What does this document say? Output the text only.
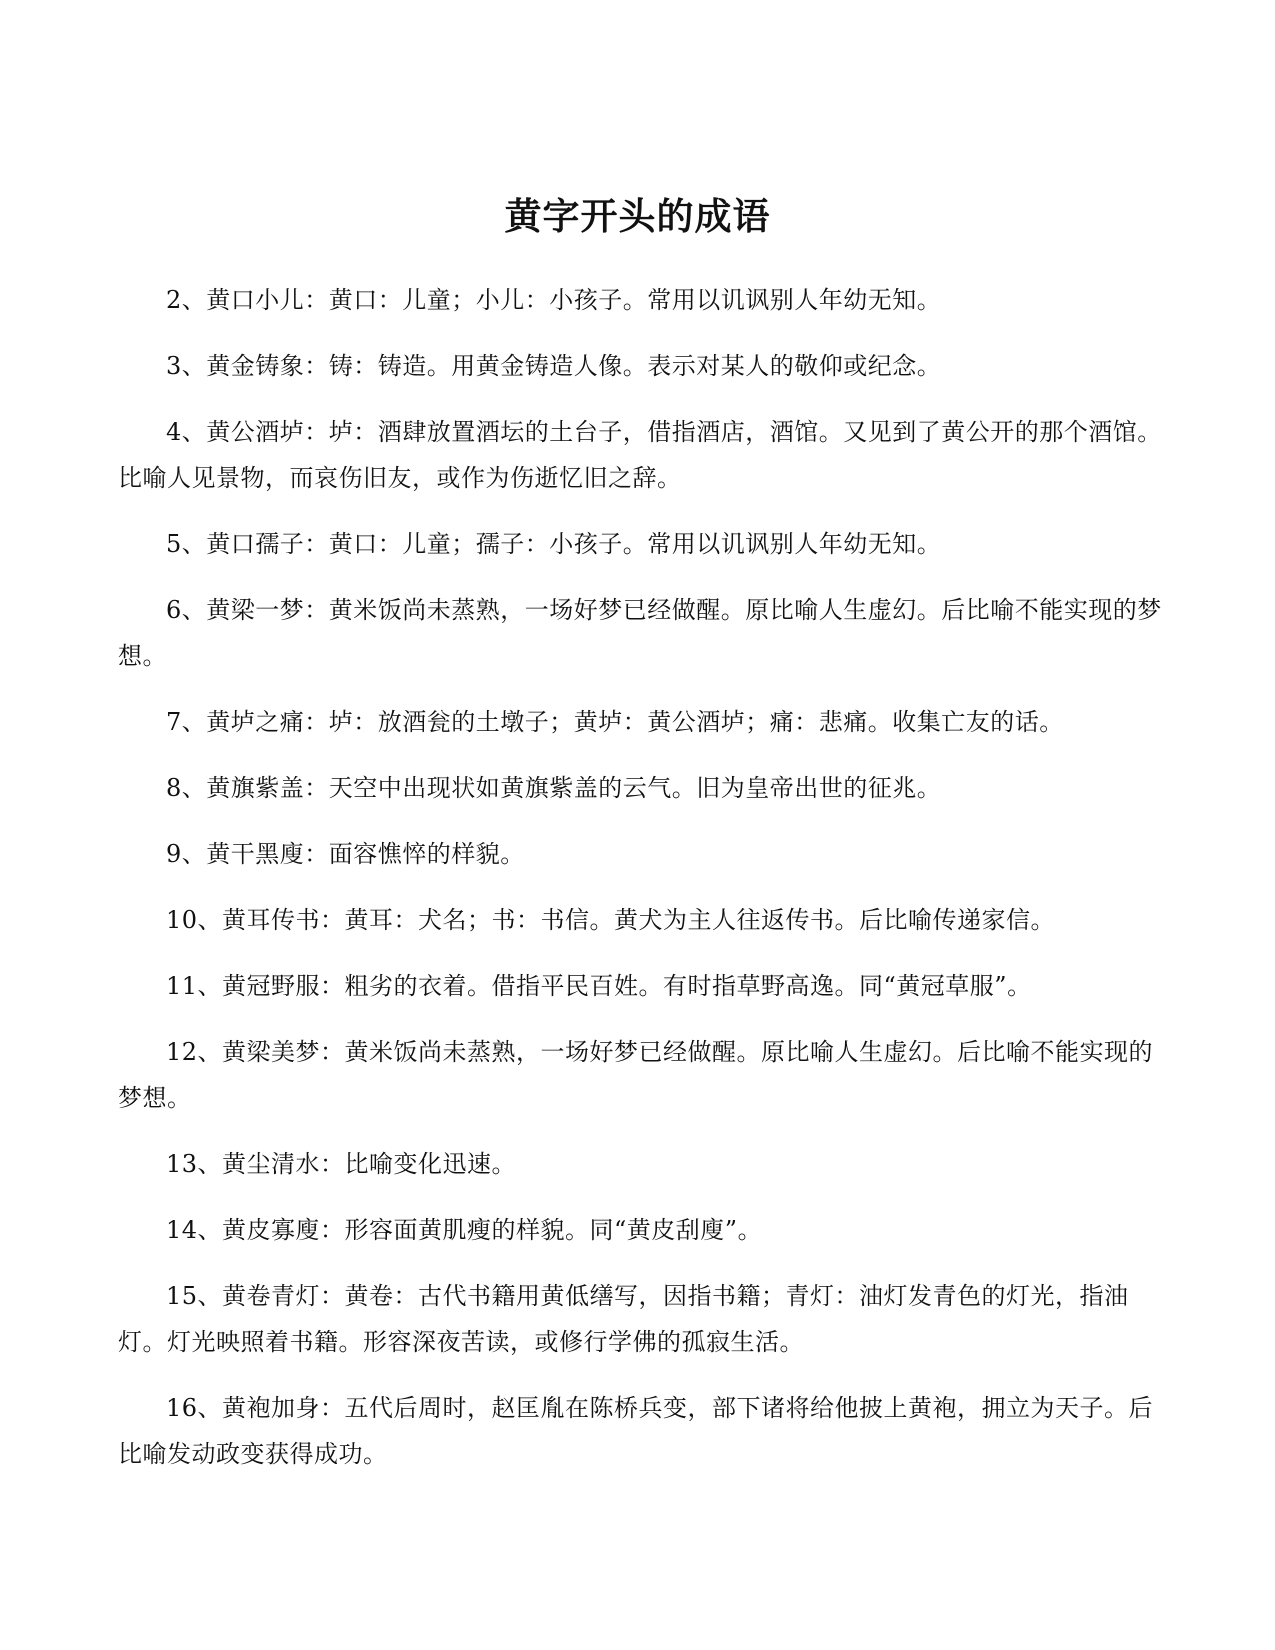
黄字开头的成语

2、黄口小儿：黄口：儿童；小儿：小孩子。常用以讥讽别人年幼无知。

3、黄金铸象：铸：铸造。用黄金铸造人像。表示对某人的敬仰或纪念。

4、黄公酒垆：垆：酒肆放置酒坛的土台子，借指酒店，酒馆。又见到了黄公开的那个酒馆。比喻人见景物，而哀伤旧友，或作为伤逝忆旧之辞。

5、黄口孺子：黄口：儿童；孺子：小孩子。常用以讥讽别人年幼无知。

6、黄梁一梦：黄米饭尚未蒸熟，一场好梦已经做醒。原比喻人生虚幻。后比喻不能实现的梦想。

7、黄垆之痛：垆：放酒瓮的土墩子；黄垆：黄公酒垆；痛：悲痛。收集亡友的话。

8、黄旗紫盖：天空中出现状如黄旗紫盖的云气。旧为皇帝出世的征兆。

9、黄干黑廋：面容憔悴的样貌。

10、黄耳传书：黄耳：犬名；书：书信。黄犬为主人往返传书。后比喻传递家信。

11、黄冠野服：粗劣的衣着。借指平民百姓。有时指草野高逸。同“黄冠草服”。

12、黄梁美梦：黄米饭尚未蒸熟，一场好梦已经做醒。原比喻人生虚幻。后比喻不能实现的梦想。

13、黄尘清水：比喻变化迅速。

14、黄皮寡廋：形容面黄肌瘦的样貌。同“黄皮刮廋”。

15、黄卷青灯：黄卷：古代书籍用黄低缮写，因指书籍；青灯：油灯发青色的灯光，指油灯。灯光映照着书籍。形容深夜苦读，或修行学佛的孤寂生活。

16、黄袍加身：五代后周时，赵匡胤在陈桥兵变，部下诸将给他披上黄袍，拥立为天子。后比喻发动政变获得成功。
